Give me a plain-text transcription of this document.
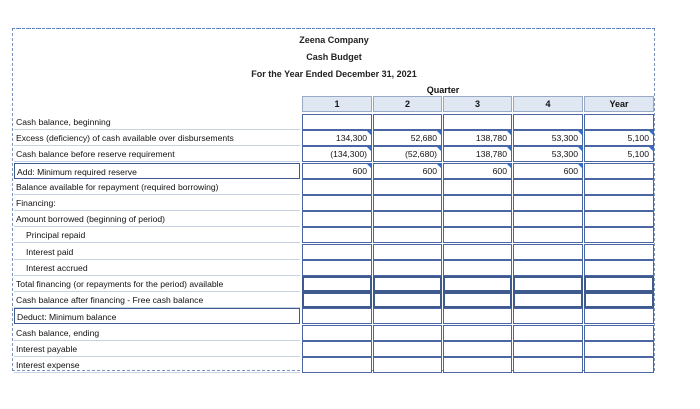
Zeena Company
Cash Budget
For the Year Ended December 31, 2021
Quarter
1	2	3	4	Year
Cash balance, beginning
Excess (deficiency) of cash available over disbursements	134,300	52,680	138,780	53,300	5,100
Cash balance before reserve requirement	(134,300)	(52,680)	138,780	53,300	5,100
Add: Minimum required reserve	600	600	600	600
Balance available for repayment (required borrowing)
Financing:
Amount borrowed (beginning of period)
Principal repaid
Interest paid
Interest accrued
Total financing (or repayments for the period) available
Cash balance after financing - Free cash balance
Deduct: Minimum balance
Cash balance, ending
Interest payable
Interest expense
